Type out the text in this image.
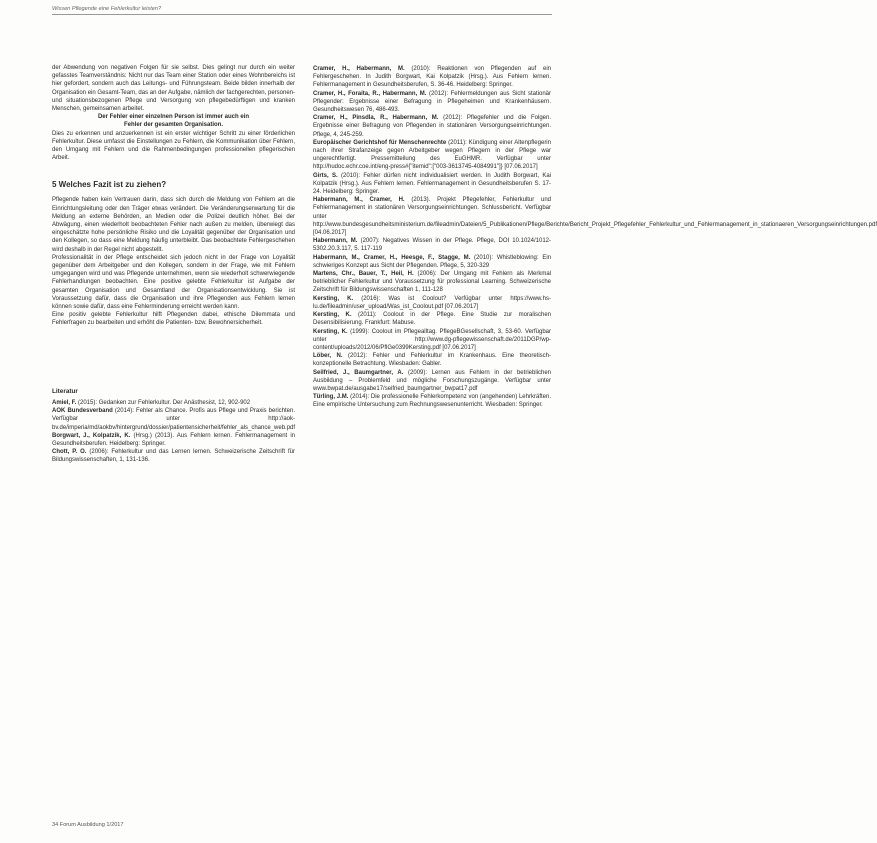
Wissen Pflegende eine Fehlerkultur leisten?

der Abwendung von negativen Folgen für sie selbst. Dies gelingt nur durch ein weiter gefasstes Teamverständnis: Nicht nur das Team einer Station oder eines Wohnbereichs ist hier gefordert, sondern auch das Leitungs- und Führungsteam. Beide bilden innerhalb der Organisation ein Gesamt-Team, das an der Aufgabe, nämlich der fachgerechten, personen- und situationsbezogenen Pflege und Versorgung von pflegebedürftigen und kranken Menschen, gemeinsamen arbeitet.

Der Fehler einer einzelnen Person ist immer auch ein

Fehler der gesamten Organisation.

Dies zu erkennen und anzuerkennen ist ein erster wichtiger Schritt zu einer förderlichen Fehlerkultur. Diese umfasst die Einstellungen zu Fehlern, die Kommunikation über Fehlern, den Umgang mit Fehlern und die Rahmenbedingungen professionellen pflegerischen Arbeit.

5 Welches Fazit ist zu ziehen?

Pflegende haben kein Vertrauen darin, dass sich durch die Meldung von Fehlern an die Einrichtungsleitung oder den Träger etwas verändert. Die Veränderungserwartung für die Meldung an externe Behörden, an Medien oder die Polizei deutlich höher. Bei der Abwägung, einen wiederholt beobachteten Fehler nach außen zu melden, überwiegt das eingeschätzte hohe persönliche Risiko und die Loyalität gegenüber der Organisation und den Kollegen, so dass eine Meldung häufig unterbleibt. Das beobachtete Fehlergeschehen wird deshalb in der Regel nicht abgestellt.

Professionalität in der Pflege entscheidet sich jedoch nicht in der Frage von Loyalität gegenüber dem Arbeitgeber und den Kollegen, sondern in der Frage, wie mit Fehlern umgegangen wird und was Pflegende unternehmen, wenn sie wiederholt schwerwiegende Fehlerhandlungen beobachten. Eine positive gelebte Fehlerkultur ist Aufgabe der gesamten Organisation und Gesamtland der Organisationsentwicklung. Sie ist Voraussetzung dafür, dass die Organisation und ihre Pflegenden aus Fehlern lernen können sowie dafür, dass eine Fehlerminderung erreicht werden kann.

Eine positiv gelebte Fehlerkultur hilft Pflegenden dabei, ethische Dilemmata und Fehlerfragen zu bearbeiten und erhöht die Patienten- bzw. Bewohnersicherheit.

Literatur

Amiel, F. (2015): Gedanken zur Fehlerkultur. Der Anästhesist, 12, 902-902

AOK Bundesverband (2014): Fehler als Chance. Profis aus Pflege und Praxis berichten. Verfügbar unter http://aok-bv.de/imperia/md/aokbv/hintergrund/dossier/patientensicherheit/fehler_als_chance_web.pdf

Borgwart, J., Kolpatzik, K. (Hrsg.) (2013). Aus Fehlern lernen. Fehlermanagement in Gesundheitsberufen. Heidelberg: Springer.

Chott, P. O. (2006): Fehlerkultur und das Lernen lernen. Schweizerische Zeitschrift für Bildungswissenschaften, 1, 131-136.

Cramer, H., Habermann, M. (2010): Reaktionen von Pflegenden auf ein Fehlergeschehen. In Judith Borgwart, Kai Kolpatzik (Hrsg.). Aus Fehlern lernen. Fehlermanagement in Gesundheitsberufen, S. 36-46. Heidelberg: Springer.

Cramer, H., Foraita, R., Habermann, M. (2012): Fehlermeldungen aus Sicht stationär Pflegender: Ergebnisse einer Befragung in Pflegeheimen und Krankenhäusern. Gesundheitswesen 76, 486-493.

Cramer, H., Pinsdla, R., Habermann, M. (2012): Pflegefehler und die Folgen. Ergebnisse einer Befragung von Pflegenden in stationären Versorgungseinrichtungen. Pflege, 4, 245-259.

Europäischer Gerichtshof für Menschenrechte (2011): Kündigung einer Altenpflegerin nach ihrer Strafanzeige gegen Arbeitgeber wegen Pflegern in der Pflege war ungerechtfertigt. Pressemitteilung des EuGHMR. Verfügbar unter http://hudoc.echr.coe.int/eng-press#{"itemid":["003-3613745-4084991"]} [07.06.2017]

Girts, S. (2010): Fehler dürfen nicht individualisiert werden. In Judith Borgwart, Kai Kolpatzik (Hrsg.). Aus Fehlern lernen. Fehlermanagement in Gesundheitsberufen S. 17-24. Heidelberg: Springer.

Habermann, M., Cramer, H. (2013). Projekt Pflegefehler, Fehlerkultur und Fehlermanagement in stationären Versorgungseinrichtungen. Schlussbericht. Verfügbar unter http://www.bundesgesundheitsministerium.de/fileadmin/Dateien/5_Publikationen/Pflege/Berichte/Bericht_Projekt_Pflegefehler_Fehlerkultur_und_Fehlermanagement_in_stationaeren_Versorgungseinrichtungen.pdf [04.06.2017]

Habermann, M. (2007): Negatives Wissen in der Pflege. Pflege, DOI 10.1024/1012-5302.20.3.117, 5. 117-119

Habermann, M., Cramer, H., Heesge, F., Stagge, M. (2010): Whistleblowing: Ein schwieriges Konzept aus Sicht der Pflegenden. Pflege, 5, 320-329

Martens, Chr., Bauer, T., Heil, H. (2006): Der Umgang mit Fehlern als Merkmal betrieblicher Fehlerkultur und Voraussetzung für professional Learning. Schweizerische Zeitschrift für Bildungswissenschaften 1, 111-128

Kersting, K. (2016): Was ist Coolout? Verfügbar unter https://www.hs-lu.de/fileadmin/user_upload/Was_ist_Coolout.pdf [07.06.2017]

Kersting, K. (2011): Coolout in der Pflege. Eine Studie zur moralischen Desensibilisierung. Frankfurt: Mabuse.

Kersting, K. (1999): Coolout im Pflegealltag. PflegeBGesellschaft, 3, 53-60. Verfügbar unter http://www.dg-pflegewissenschaft.de/2011DGP/wp-content/uploads/2012/06/PflGe0399Kersting.pdf [07.06.2017]

Löber, N. (2012): Fehler und Fehlerkultur im Krankenhaus. Eine theoretisch-konzeptionelle Betrachtung. Wiesbaden: Gabler.

Seilfried, J., Baumgartner, A. (2009): Lernen aus Fehlern in der betrieblichen Ausbildung – Problemfeld und mögliche Forschungszugänge. Verfügbar unter www.bwpat.de/ausgabe17/seifried_baumgartner_bwpat17.pdf

Türling, J.M. (2014): Die professionelle Fehlerkompetenz von (angehenden) Lehrkräften. Eine empirische Untersuchung zum Rechnungswesenunterricht. Wiesbaden: Springer.

34 Forum Ausbildung 1/2017
